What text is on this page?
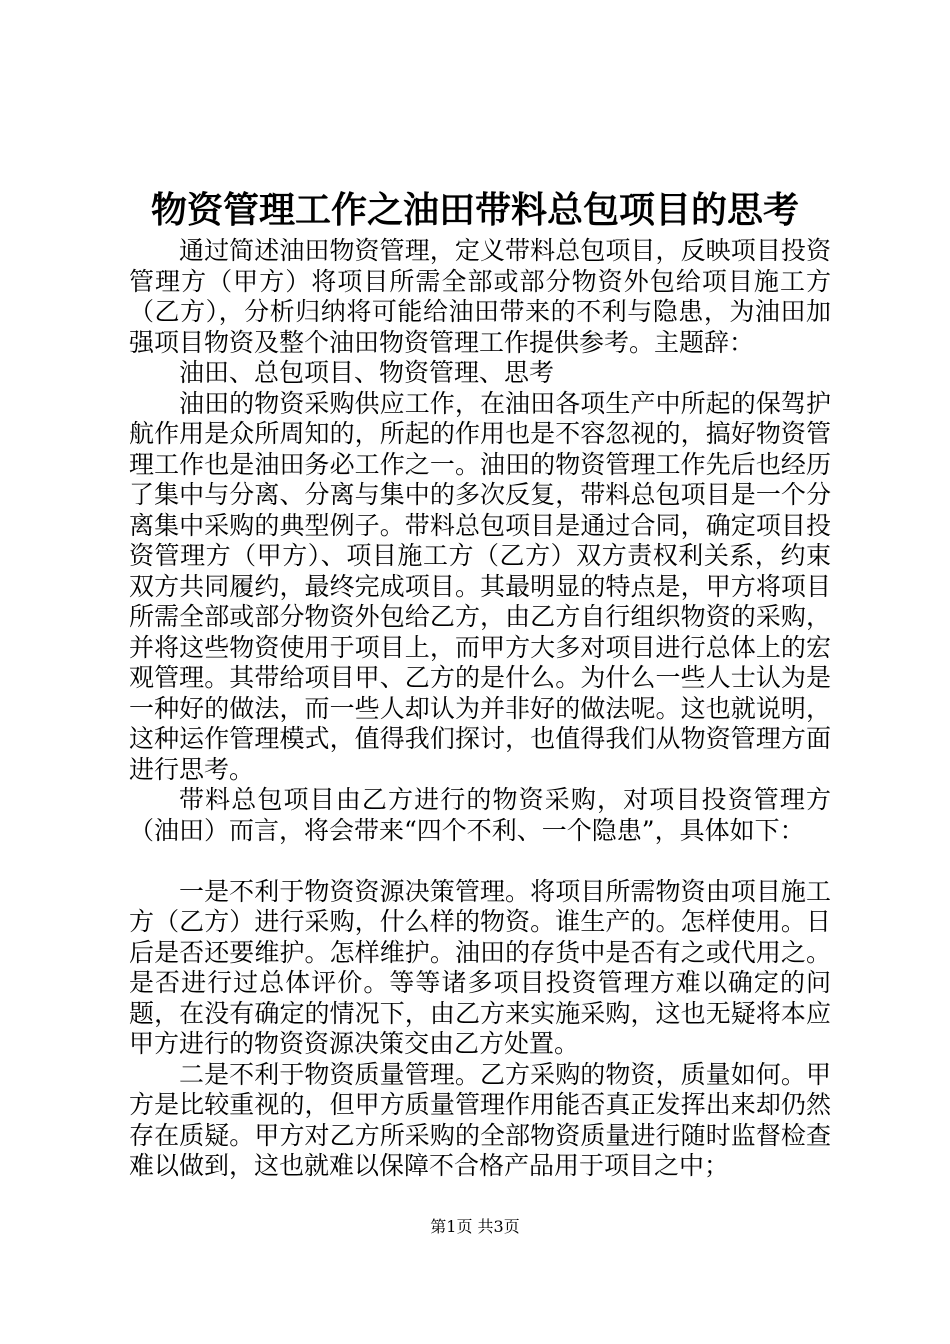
物资管理工作之油田带料总包项目的思考

通过简述油田物资管理，定义带料总包项目，反映项目投资管理方（甲方）将项目所需全部或部分物资外包给项目施工方（乙方），分析归纳将可能给油田带来的不利与隐患，为油田加强项目物资及整个油田物资管理工作提供参考。主题辞：

油田、总包项目、物资管理、思考

油田的物资采购供应工作，在油田各项生产中所起的保驾护航作用是众所周知的，所起的作用也是不容忽视的，搞好物资管理工作也是油田务必工作之一。油田的物资管理工作先后也经历了集中与分离、分离与集中的多次反复，带料总包项目是一个分离集中采购的典型例子。带料总包项目是通过合同，确定项目投资管理方（甲方）、项目施工方（乙方）双方责权利关系，约束双方共同履约，最终完成项目。其最明显的特点是，甲方将项目所需全部或部分物资外包给乙方，由乙方自行组织物资的采购，并将这些物资使用于项目上，而甲方大多对项目进行总体上的宏观管理。其带给项目甲、乙方的是什么。为什么一些人士认为是一种好的做法，而一些人却认为并非好的做法呢。这也就说明，这种运作管理模式，值得我们探讨，也值得我们从物资管理方面进行思考。

带料总包项目由乙方进行的物资采购，对项目投资管理方（油田）而言，将会带来“四个不利、一个隐患”，具体如下：

一是不利于物资资源决策管理。将项目所需物资由项目施工方（乙方）进行采购，什么样的物资。谁生产的。怎样使用。日后是否还要维护。怎样维护。油田的存货中是否有之或代用之。是否进行过总体评价。等等诸多项目投资管理方难以确定的问题，在没有确定的情况下，由乙方来实施采购，这也无疑将本应甲方进行的物资资源决策交由乙方处置。

二是不利于物资质量管理。乙方采购的物资，质量如何。甲方是比较重视的，但甲方质量管理作用能否真正发挥出来却仍然存在质疑。甲方对乙方所采购的全部物资质量进行随时监督检查难以做到，这也就难以保障不合格产品用于项目之中；

第1页 共3页
